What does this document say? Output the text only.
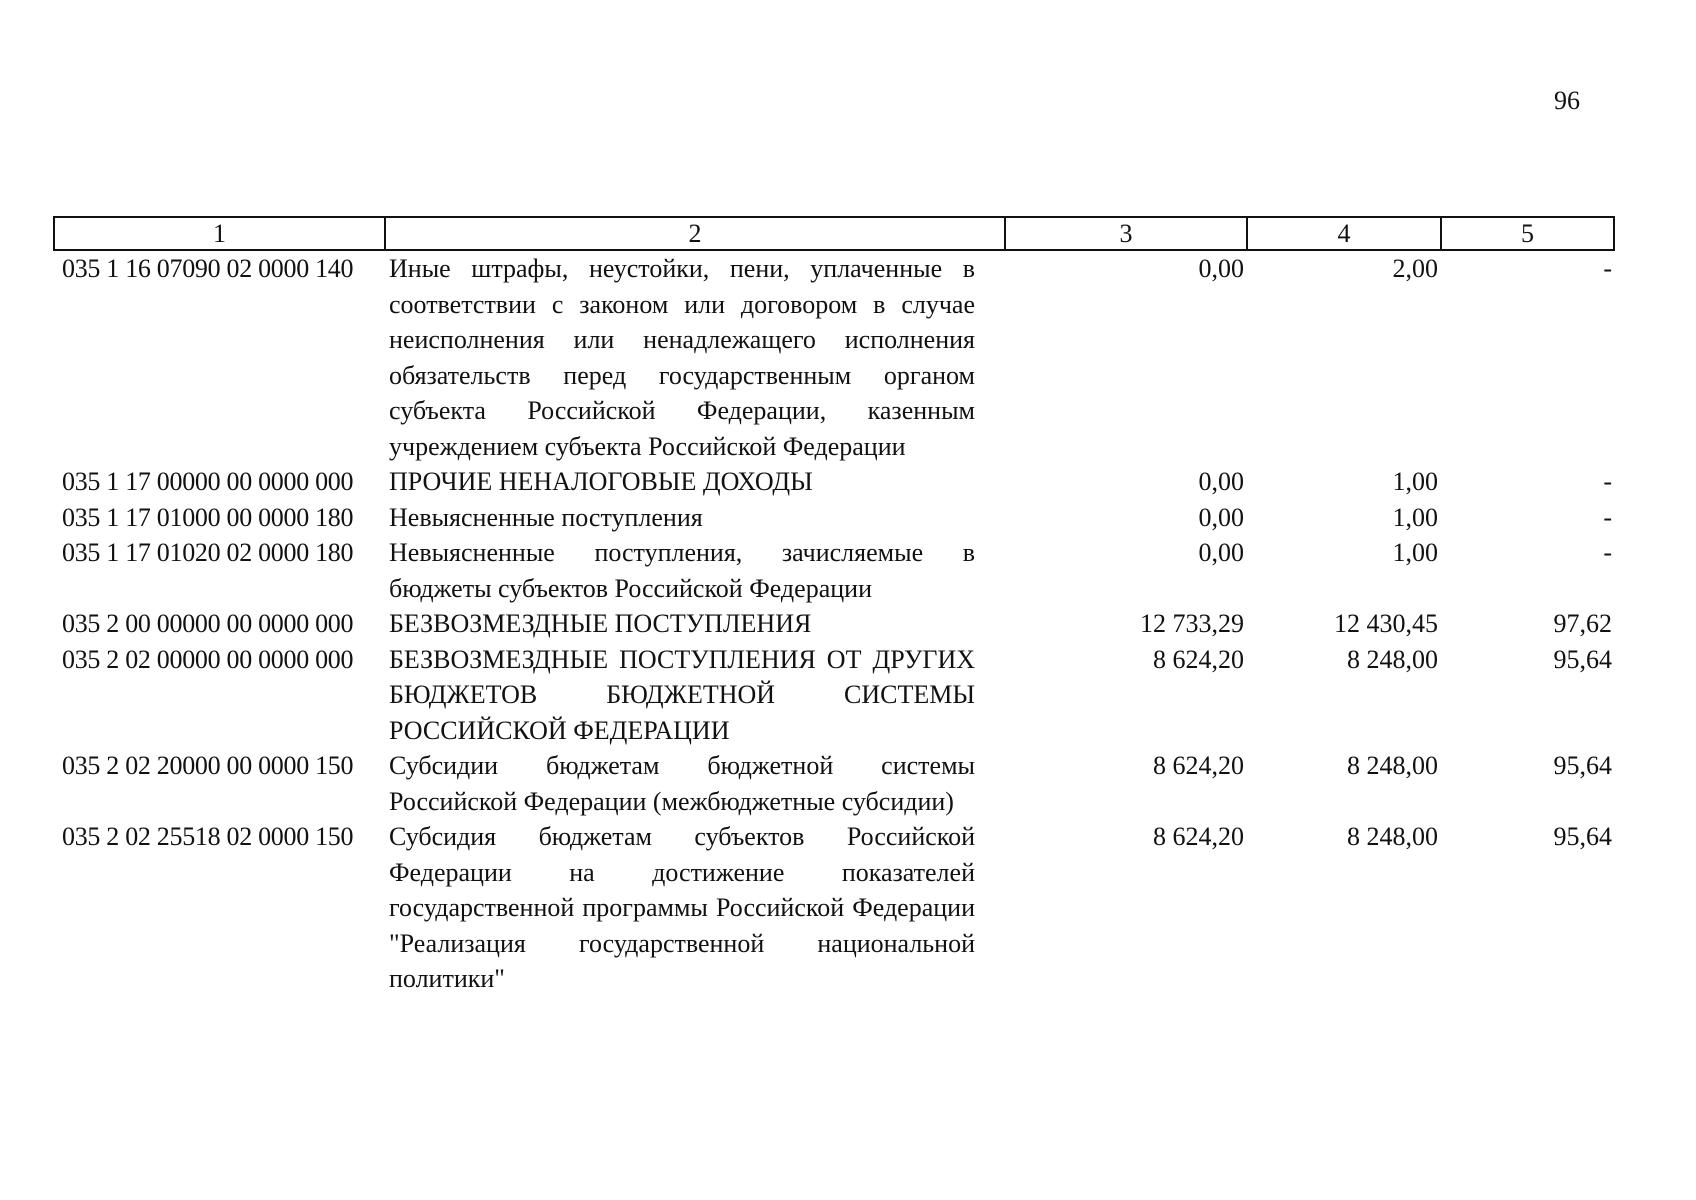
96
1	2	3	4	5
035 1 16 07090 02 0000 140	Иные штрафы, неустойки, пени, уплаченные в соответствии с законом или договором в случае неисполнения или ненадлежащего исполнения обязательств перед государственным органом субъекта Российской Федерации, казенным учреждением субъекта Российской Федерации	0,00	2,00	-
035 1 17 00000 00 0000 000	ПРОЧИЕ НЕНАЛОГОВЫЕ ДОХОДЫ	0,00	1,00	-
035 1 17 01000 00 0000 180	Невыясненные поступления	0,00	1,00	-
035 1 17 01020 02 0000 180	Невыясненные поступления, зачисляемые в бюджеты субъектов Российской Федерации	0,00	1,00	-
035 2 00 00000 00 0000 000	БЕЗВОЗМЕЗДНЫЕ ПОСТУПЛЕНИЯ	12 733,29	12 430,45	97,62
035 2 02 00000 00 0000 000	БЕЗВОЗМЕЗДНЫЕ ПОСТУПЛЕНИЯ ОТ ДРУГИХ БЮДЖЕТОВ БЮДЖЕТНОЙ СИСТЕМЫ РОССИЙСКОЙ ФЕДЕРАЦИИ	8 624,20	8 248,00	95,64
035 2 02 20000 00 0000 150	Субсидии бюджетам бюджетной системы Российской Федерации (межбюджетные субсидии)	8 624,20	8 248,00	95,64
035 2 02 25518 02 0000 150	Субсидия бюджетам субъектов Российской Федерации на достижение показателей государственной программы Российской Федерации "Реализация государственной национальной политики"	8 624,20	8 248,00	95,64
